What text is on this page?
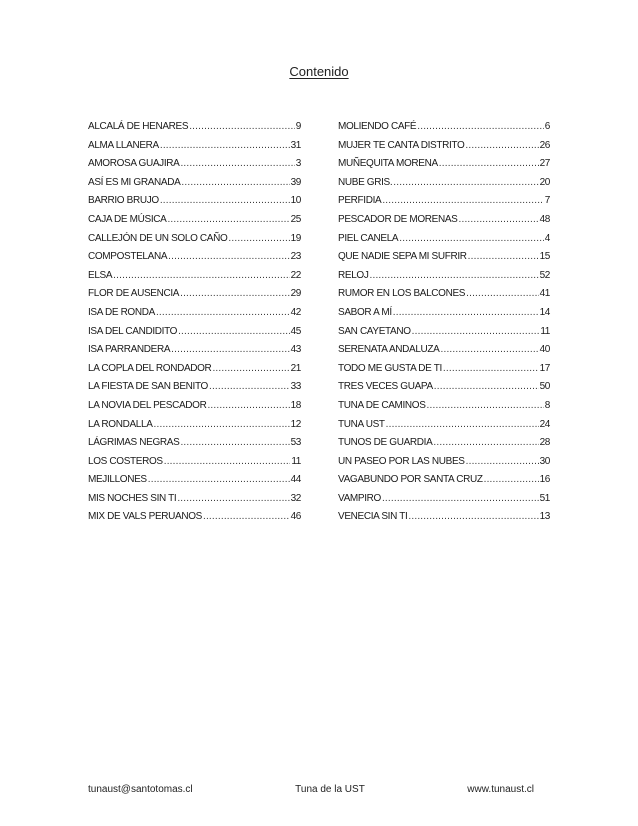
Contenido
ALCALÁ DE HENARES .....	9
ALMA LLANERA .....	31
AMOROSA GUAJIRA .....	3
ASÍ ES MI GRANADA .....	39
BARRIO BRUJO .....	10
CAJA DE MÚSICA .....	25
CALLEJÓN DE UN SOLO CAÑO .....	19
COMPOSTELANA .....	23
ELSA .....	22
FLOR DE AUSENCIA .....	29
ISA DE RONDA .....	42
ISA DEL CANDIDITO .....	45
ISA PARRANDERA .....	43
LA COPLA DEL RONDADOR .....	21
LA FIESTA DE SAN BENITO .....	33
LA NOVIA DEL PESCADOR .....	18
LA RONDALLA .....	12
LÁGRIMAS NEGRAS .....	53
LOS COSTEROS .....	11
MEJILLONES .....	44
MIS NOCHES SIN TI .....	32
MIX DE VALS PERUANOS .....	46
MOLIENDO CAFÉ .....	6
MUJER TE CANTA DISTRITO .....	26
MUÑEQUITA MORENA .....	27
NUBE GRIS. .....	20
PERFIDIA .....	7
PESCADOR DE MORENAS .....	48
PIEL CANELA .....	4
QUE NADIE SEPA MI SUFRIR .....	15
RELOJ .....	52
RUMOR EN LOS BALCONES .....	41
SABOR A MÍ .....	14
SAN CAYETANO .....	11
SERENATA ANDALUZA .....	40
TODO ME GUSTA DE TI .....	17
TRES VECES GUAPA .....	50
TUNA DE CAMINOS .....	8
TUNA UST .....	24
TUNOS DE GUARDIA .....	28
UN PASEO POR LAS NUBES .....	30
VAGABUNDO POR SANTA CRUZ .....	16
VAMPIRO .....	51
VENECIA SIN TI .....	13
tunaust@santotomas.cl	Tuna de la UST	www.tunaust.cl
